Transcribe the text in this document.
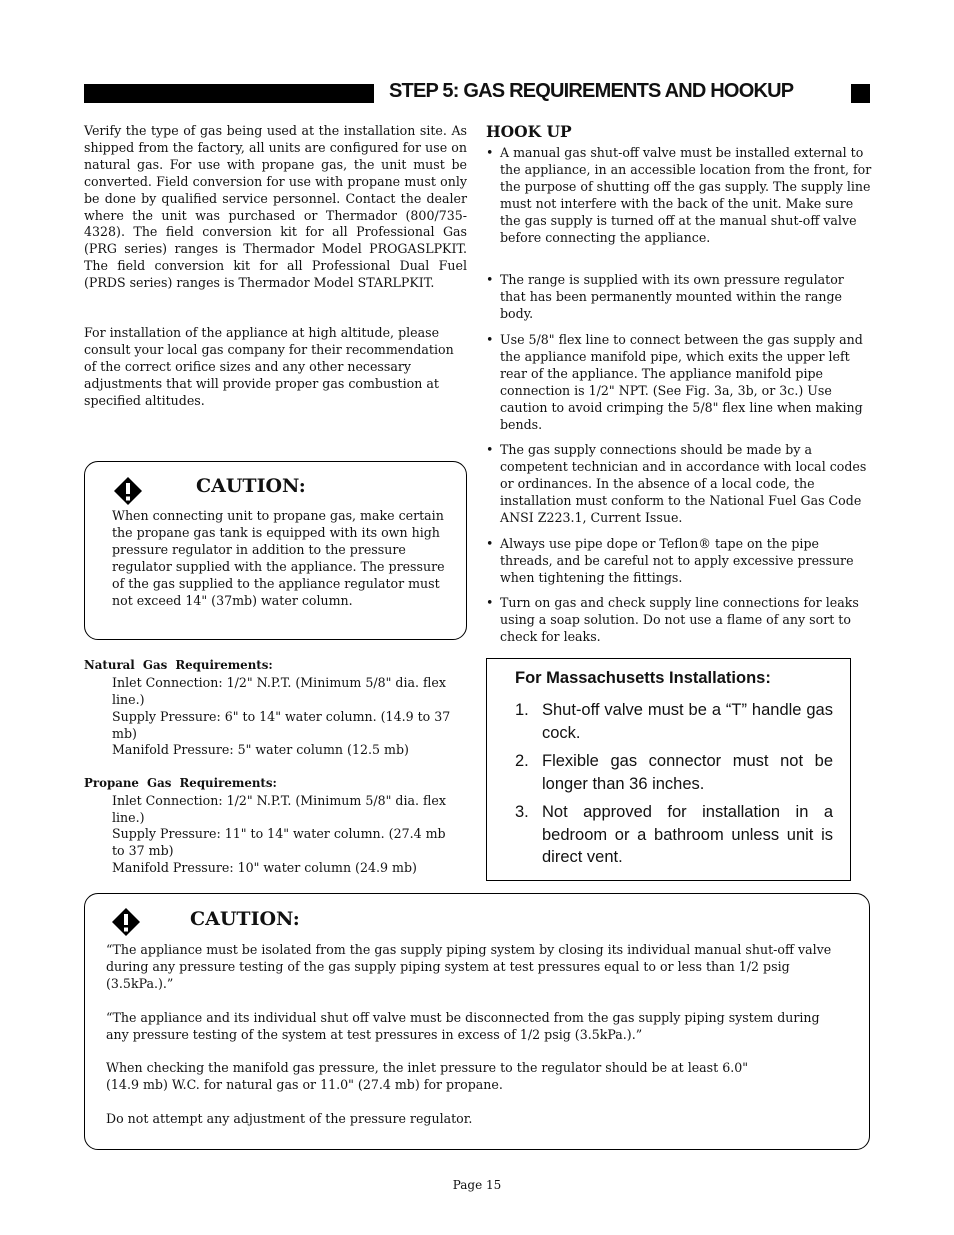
STEP 5: GAS REQUIREMENTS AND HOOKUP
Verify the type of gas being used at the installation site. As shipped from the factory, all units are configured for use on natural gas. For use with propane gas, the unit must be converted. Field conversion for use with propane must only be done by qualified service personnel. Contact the dealer where the unit was purchased or Thermador (800/735-4328). The field conversion kit for all Professional Gas (PRG series) ranges is Thermador Model PROGASLPKIT. The field conversion kit for all Professional Dual Fuel (PRDS series) ranges is Thermador Model STARLPKIT.
For installation of the appliance at high altitude, please consult your local gas company for their recommendation of the correct orifice sizes and any other necessary adjustments that will provide proper gas combustion at specified altitudes.
CAUTION:
When connecting unit to propane gas, make certain the propane gas tank is equipped with its own high pressure regulator in addition to the pressure regulator supplied with the appliance. The pressure of the gas supplied to the appliance regulator must not exceed 14" (37mb) water column.
Natural Gas Requirements:
Inlet Connection: 1/2" N.P.T. (Minimum 5/8" dia. flex line.)
Supply Pressure: 6" to 14" water column. (14.9 to 37 mb)
Manifold Pressure: 5" water column (12.5 mb)
Propane Gas Requirements:
Inlet Connection: 1/2" N.P.T. (Minimum 5/8" dia. flex line.)
Supply Pressure: 11" to 14" water column. (27.4 mb to 37 mb)
Manifold Pressure: 10" water column (24.9 mb)
HOOK UP
• A manual gas shut-off valve must be installed external to the appliance, in an accessible location from the front, for the purpose of shutting off the gas supply. The supply line must not interfere with the back of the unit. Make sure the gas supply is turned off at the manual shut-off valve before connecting the appliance.
• The range is supplied with its own pressure regulator that has been permanently mounted within the range body.
• Use 5/8" flex line to connect between the gas supply and the appliance manifold pipe, which exits the upper left rear of the appliance. The appliance manifold pipe connection is 1/2" NPT. (See Fig. 3a, 3b, or 3c.) Use caution to avoid crimping the 5/8" flex line when making bends.
• The gas supply connections should be made by a competent technician and in accordance with local codes or ordinances. In the absence of a local code, the installation must conform to the National Fuel Gas Code ANSI Z223.1, Current Issue.
• Always use pipe dope or Teflon® tape on the pipe threads, and be careful not to apply excessive pressure when tightening the fittings.
• Turn on gas and check supply line connections for leaks using a soap solution. Do not use a flame of any sort to check for leaks.
For Massachusetts Installations:
1. Shut-off valve must be a “T” handle gas cock.
2. Flexible gas connector must not be longer than 36 inches.
3. Not approved for installation in a bedroom or a bathroom unless unit is direct vent.
CAUTION:
“The appliance must be isolated from the gas supply piping system by closing its individual manual shut-off valve during any pressure testing of the gas supply piping system at test pressures equal to or less than 1/2 psig (3.5kPa.).”
“The appliance and its individual shut off valve must be disconnected from the gas supply piping system during any pressure testing of the system at test pressures in excess of 1/2 psig (3.5kPa.).”
When checking the manifold gas pressure, the inlet pressure to the regulator should be at least 6.0" (14.9 mb) W.C. for natural gas or 11.0" (27.4 mb) for propane.
Do not attempt any adjustment of the pressure regulator.
Page 15
